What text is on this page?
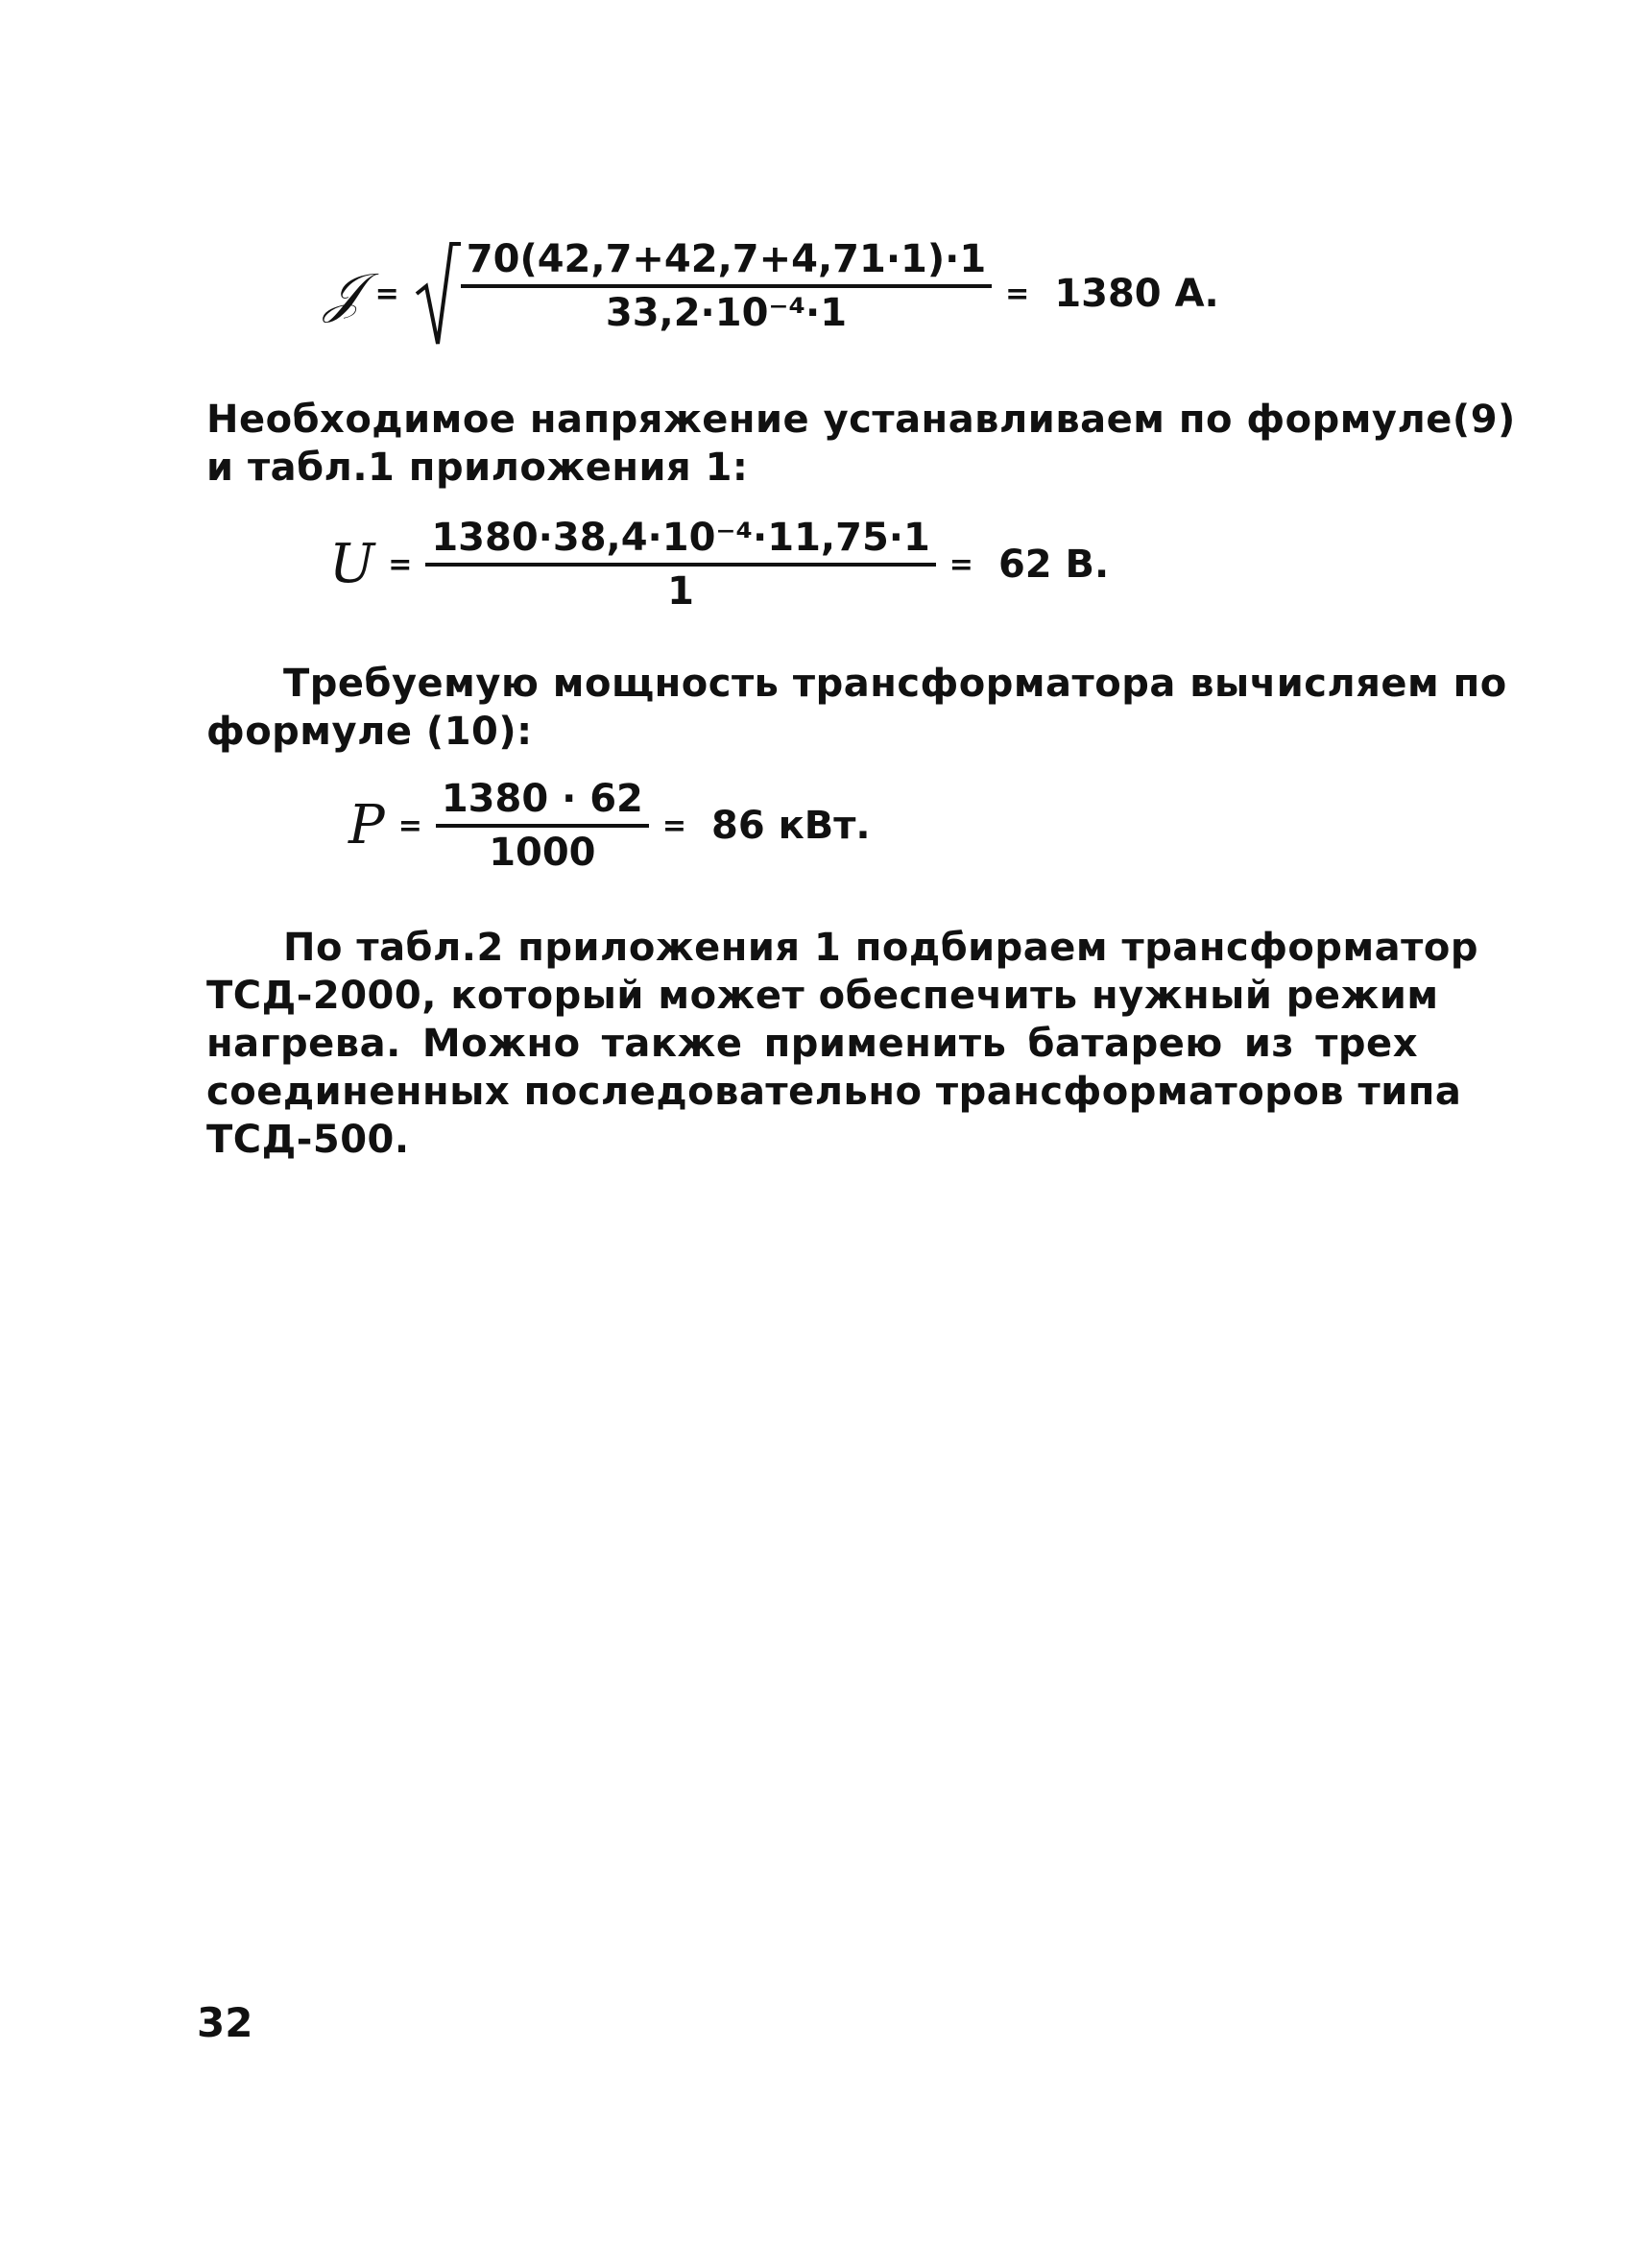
𝒥 = $\frac{70(42,7+42,7+4,71\cdot 1)\cdot 1}{\text{33,2·10⁻⁴·1}} = 1380$ А.

Необходимое напряжение устанавливаем по формуле(9)
и табл.1 приложения 1:

$U = \frac{\text{1380·38,4·10⁻⁴·11,75·1}}{1} = 62$ В.

Требуемую мощность трансформатора вычисляем по
формуле (10):

$P = \frac{1380 \cdot 62}{1000} = 86$ кВт.
По табл.2 приложения 1 подбираем трансформатор
ТСД-2000, который может обеспечить нужный режим
нагрева. Можно также применить батарею из трех
соединенных последовательно трансформаторов типа
ТСД-500.

32
